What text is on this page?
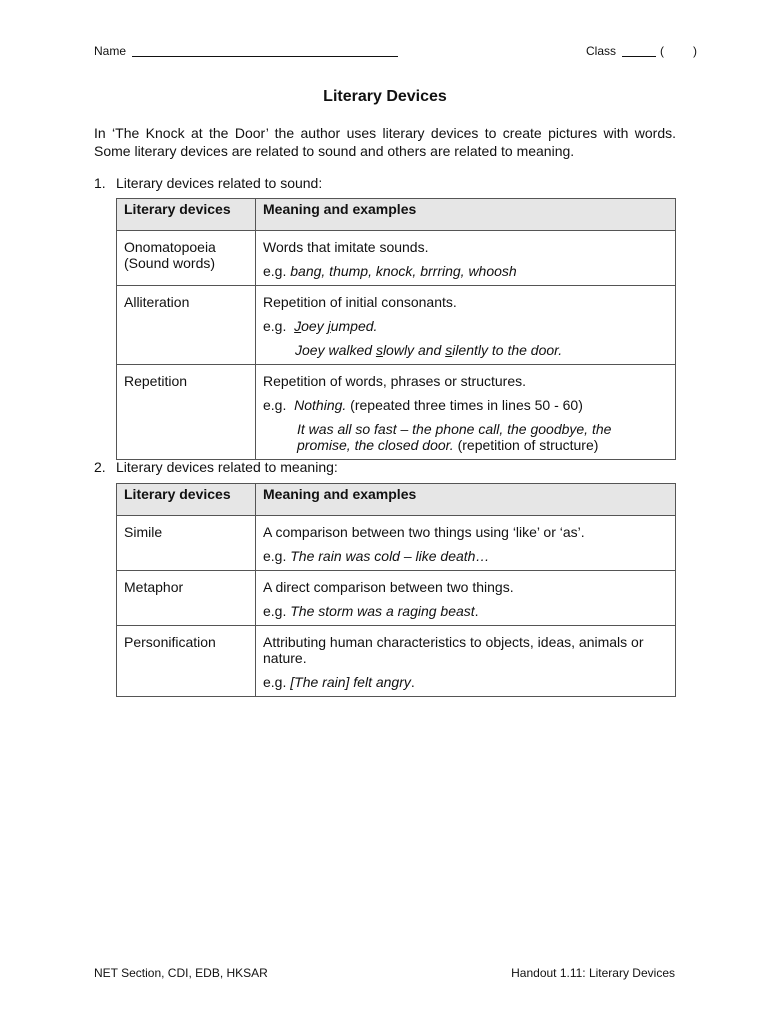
Name	Class	( )
Literary Devices
In ‘The Knock at the Door’ the author uses literary devices to create pictures with words. Some literary devices are related to sound and others are related to meaning.
1. Literary devices related to sound:
Literary devices	Meaning and examples

Onomatopoeia (Sound words)	Words that imitate sounds.
e.g. bang, thump, knock, brrring, whoosh

Alliteration	Repetition of initial consonants.
e.g. Joey jumped.
Joey walked slowly and silently to the door.

Repetition	Repetition of words, phrases or structures.
e.g. Nothing. (repeated three times in lines 50 - 60)
It was all so fast – the phone call, the goodbye, the promise, the closed door. (repetition of structure)
2. Literary devices related to meaning:
Literary devices	Meaning and examples

Simile	A comparison between two things using ‘like’ or ‘as’.
e.g. The rain was cold – like death…

Metaphor	A direct comparison between two things.
e.g. The storm was a raging beast.

Personification	Attributing human characteristics to objects, ideas, animals or nature.
e.g. [The rain] felt angry.
NET Section, CDI, EDB, HKSAR	Handout 1.11: Literary Devices
